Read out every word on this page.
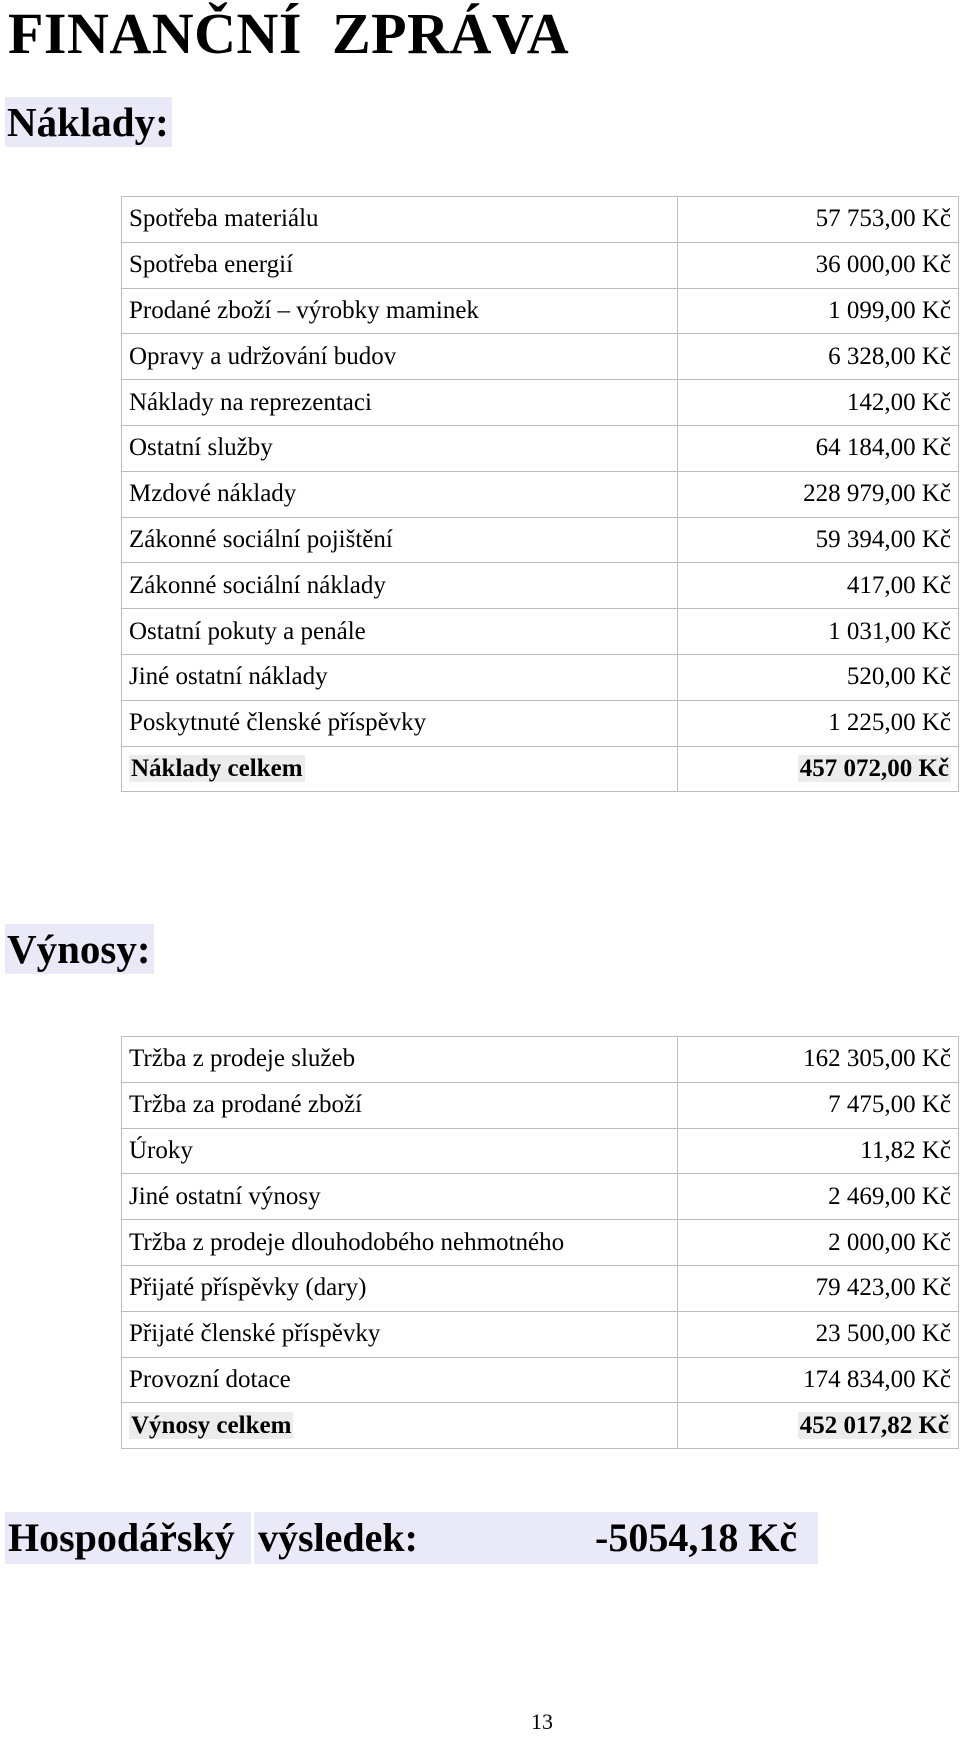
FINANČNÍ  ZPRÁVA
Náklady:
Spotřeba materiálu	57 753,00 Kč
Spotřeba energií	36 000,00 Kč
Prodané zboží – výrobky maminek	1 099,00 Kč
Opravy a udržování budov	6 328,00 Kč
Náklady na reprezentaci	142,00 Kč
Ostatní služby	64 184,00 Kč
Mzdové náklady	228 979,00 Kč
Zákonné sociální pojištění	59 394,00 Kč
Zákonné sociální náklady	417,00 Kč
Ostatní pokuty a penále	1 031,00 Kč
Jiné ostatní náklady	520,00 Kč
Poskytnuté členské příspěvky	1 225,00 Kč
Náklady celkem	457 072,00 Kč
Výnosy:
Tržba z prodeje služeb	162 305,00 Kč
Tržba za prodané zboží	7 475,00 Kč
Úroky	11,82 Kč
Jiné ostatní výnosy	2 469,00 Kč
Tržba z prodeje dlouhodobého nehmotného	2 000,00 Kč
Přijaté příspěvky (dary)	79 423,00 Kč
Přijaté členské příspěvky	23 500,00 Kč
Provozní dotace	174 834,00 Kč
Výnosy celkem	452 017,82 Kč
Hospodářský výsledek:	-5054,18 Kč
13
